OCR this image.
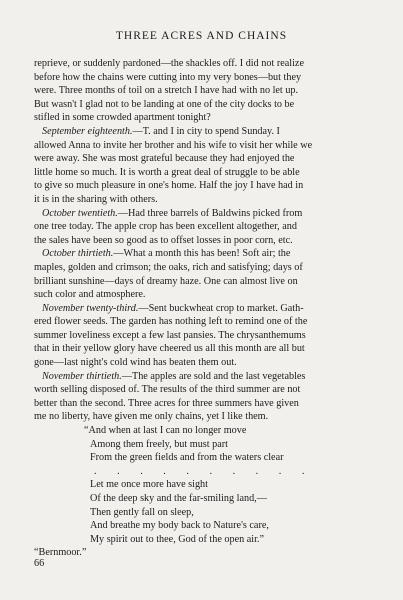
THREE ACRES AND CHAINS
reprieve, or suddenly pardoned—the shackles off. I did not realize
before how the chains were cutting into my very bones—but they
were. Three months of toil on a stretch I have had with no let up.
But wasn't I glad not to be landing at one of the city docks to be
stifled in some crowded apartment tonight?
September eighteenth.—T. and I in city to spend Sunday. I
allowed Anna to invite her brother and his wife to visit her while we
were away. She was most grateful because they had enjoyed the
little home so much. It is worth a great deal of struggle to be able
to give so much pleasure in one's home. Half the joy I have had in
it is in the sharing with others.
October twentieth.—Had three barrels of Baldwins picked from
one tree today. The apple crop has been excellent altogether, and
the sales have been so good as to offset losses in poor corn, etc.
October thirtieth.—What a month this has been! Soft air; the
maples, golden and crimson; the oaks, rich and satisfying; days of
brilliant sunshine—days of dreamy haze. One can almost live on
such color and atmosphere.
November twenty-third.—Sent buckwheat crop to market. Gath-
ered flower seeds. The garden has nothing left to remind one of the
summer loveliness except a few last pansies. The chrysanthemums
that in their yellow glory have cheered us all this month are all but
gone—last night's cold wind has beaten them out.
November thirtieth.—The apples are sold and the last vegetables
worth selling disposed of. The results of the third summer are not
better than the second. Three acres for three summers have given
me no liberty, have given me only chains, yet I like them.
“And when at last I can no longer move
Among them freely, but must part
From the green fields and from the waters clear
. . . . . . . . . .
Let me once more have sight
Of the deep sky and the far-smiling land,—
Then gently fall on sleep,
And breathe my body back to Nature's care,
My spirit out to thee, God of the open air.”
“Bernmoor.”
66
